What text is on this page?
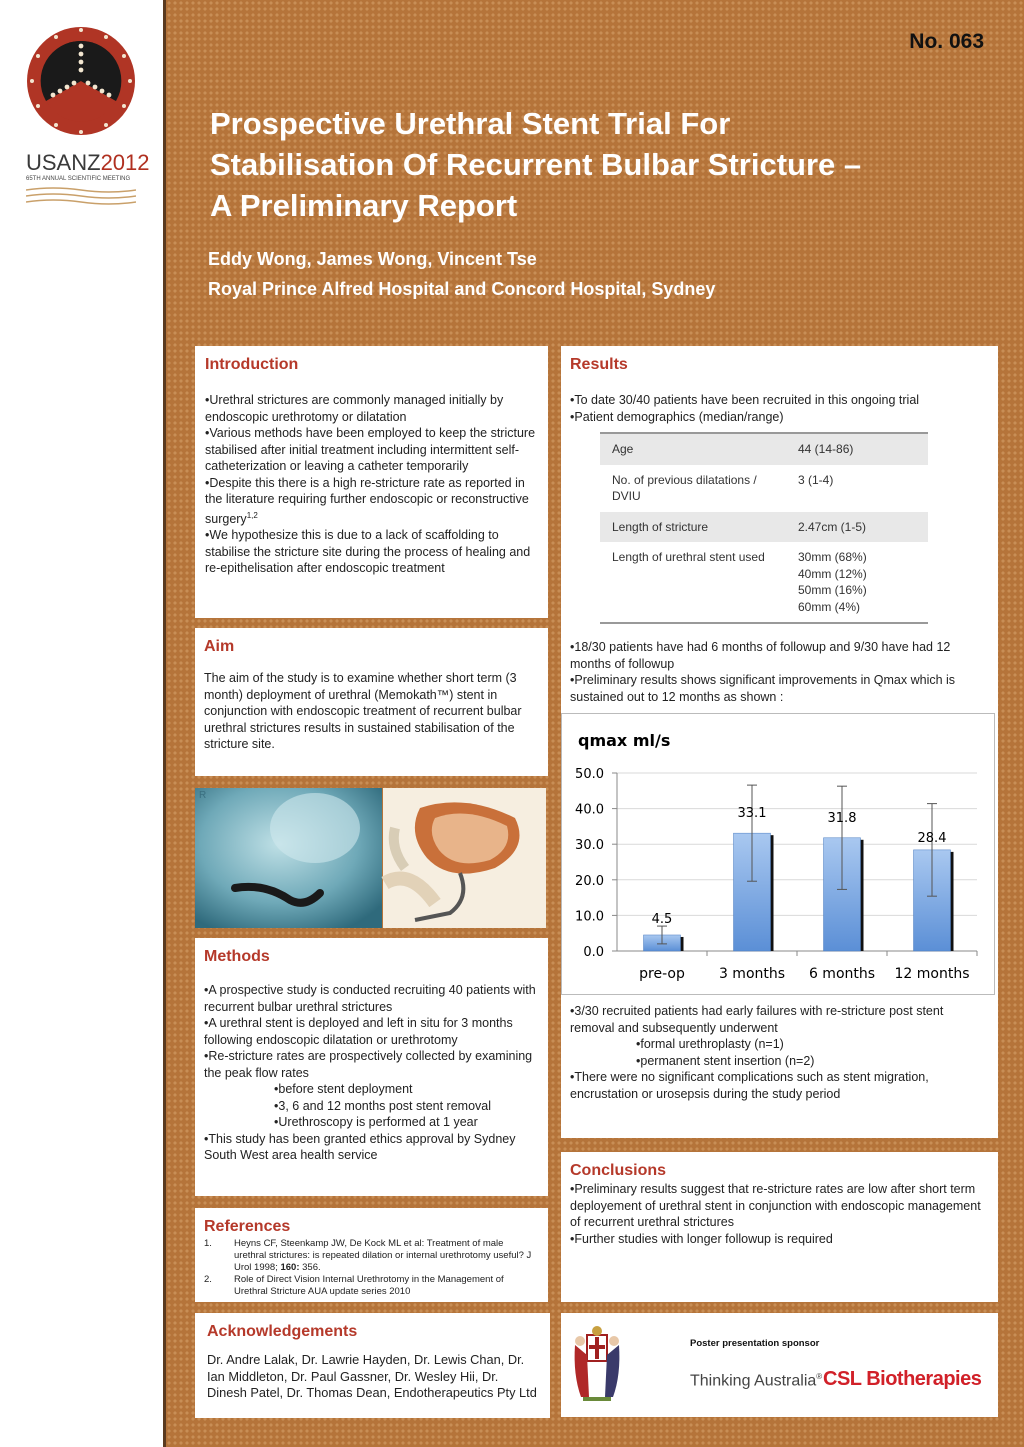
USANZ2012
65TH ANNUAL SCIENTIFIC MEETING
No. 063
Prospective Urethral Stent Trial For
Stabilisation Of Recurrent Bulbar Stricture –
A Preliminary Report
Eddy Wong, James Wong, Vincent Tse
Royal Prince Alfred Hospital and Concord Hospital, Sydney
Introduction

•Urethral strictures are commonly managed initially by endoscopic urethrotomy or dilatation

•Various methods have been employed to keep the stricture stabilised after initial treatment including intermittent self-catheterization or leaving a catheter temporarily

•Despite this there is a high re-stricture rate as reported in the literature requiring further endoscopic or reconstructive surgery$^{1,2}$

•We hypothesize this is due to a lack of scaffolding to stabilise the stricture site during the process of healing and re-epithelisation after endoscopic treatment

Aim
The aim of the study is to examine whether short term (3 month) deployment of urethral (Memokath™) stent in conjunction with endoscopic treatment of recurrent bulbar urethral strictures results in sustained stabilisation of the stricture site.
R
Methods

•A prospective study is conducted recruiting 40 patients with recurrent bulbar urethral strictures

•A urethral stent is deployed and left in situ for 3 months following endoscopic dilatation or urethrotomy

•Re-stricture rates are prospectively collected by examining the peak flow rates

•before stent deployment

•3, 6 and 12 months post stent removal

•Urethroscopy is performed at 1 year

•This study has been granted ethics approval by Sydney South West area health service

References
1.	Heyns CF, Steenkamp JW, De Kock ML et al: Treatment of male urethral strictures: is repeated dilation or internal urethrotomy useful? J Urol 1998; 160: 356.
2.	Role of Direct Vision Internal Urethrotomy in the Management of Urethral Stricture AUA update series 2010
Acknowledgements
Dr. Andre Lalak, Dr. Lawrie Hayden, Dr. Lewis Chan, Dr. Ian Middleton, Dr. Paul Gassner, Dr. Wesley Hii, Dr. Dinesh Patel, Dr. Thomas Dean, Endotherapeutics Pty Ltd
Results

•To date 30/40 patients have been recruited in this ongoing trial

•Patient demographics (median/range)

•18/30 patients have had 6 months of followup and 9/30 have had 12 months of followup

•Preliminary results shows significant improvements in Qmax which is sustained out to 12 months as shown :

•3/30 recruited patients had early failures with re-stricture post stent removal and subsequently underwent

•formal urethroplasty (n=1)

•permanent stent insertion (n=2)

•There were no significant complications such as stent migration, encrustation or urosepsis during the study period

Age	44 (14-86)
No. of previous dilatations / DVIU	3 (1-4)
Length of stricture	2.47cm (1-5)
Length of urethral stent used	30mm (68%)
40mm (12%)
50mm (16%)
60mm (4%)
qmax ml/s
0.0
10.0
20.0
30.0
40.0
50.0
4.5
pre-op
33.1
3 months
31.8
6 months
28.4
12 months
Conclusions

•Preliminary results suggest that re-stricture rates are low after short term deployement of urethral stent in conjunction with endoscopic management of recurrent urethral strictures

•Further studies with longer followup is required

Poster presentation sponsor
Thinking Australia® CSL Biotherapies
